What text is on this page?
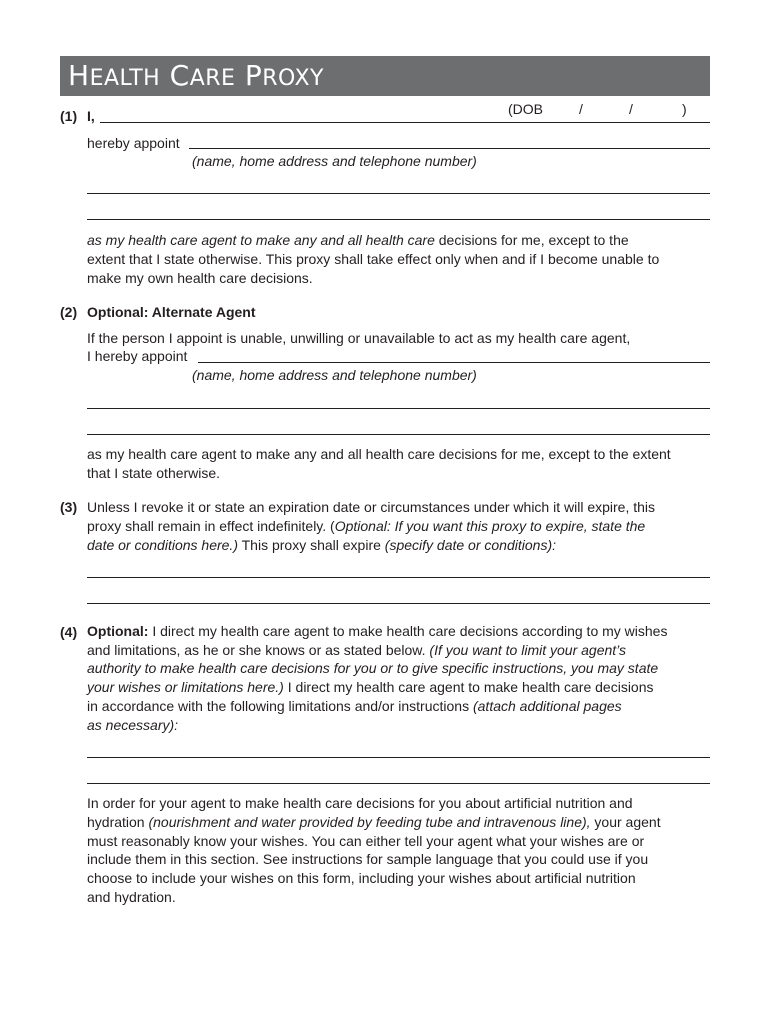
HEALTH CARE PROXY
(1) I,	(DOB	/	/	)
hereby appoint
(name, home address and telephone number)
as my health care agent to make any and all health care decisions for me, except to the
extent that I state otherwise. This proxy shall take effect only when and if I become unable to
make my own health care decisions.
(2) Optional: Alternate Agent
If the person I appoint is unable, unwilling or unavailable to act as my health care agent,
I hereby appoint
(name, home address and telephone number)
as my health care agent to make any and all health care decisions for me, except to the extent
that I state otherwise.
(3) Unless I revoke it or state an expiration date or circumstances under which it will expire, this
proxy shall remain in effect indefinitely. (Optional: If you want this proxy to expire, state the
date or conditions here.) This proxy shall expire (specify date or conditions):
(4) Optional: I direct my health care agent to make health care decisions according to my wishes
and limitations, as he or she knows or as stated below. (If you want to limit your agent’s
authority to make health care decisions for you or to give specific instructions, you may state
your wishes or limitations here.) I direct my health care agent to make health care decisions
in accordance with the following limitations and/or instructions (attach additional pages
as necessary):
In order for your agent to make health care decisions for you about artificial nutrition and
hydration (nourishment and water provided by feeding tube and intravenous line), your agent
must reasonably know your wishes. You can either tell your agent what your wishes are or
include them in this section. See instructions for sample language that you could use if you
choose to include your wishes on this form, including your wishes about artificial nutrition
and hydration.
